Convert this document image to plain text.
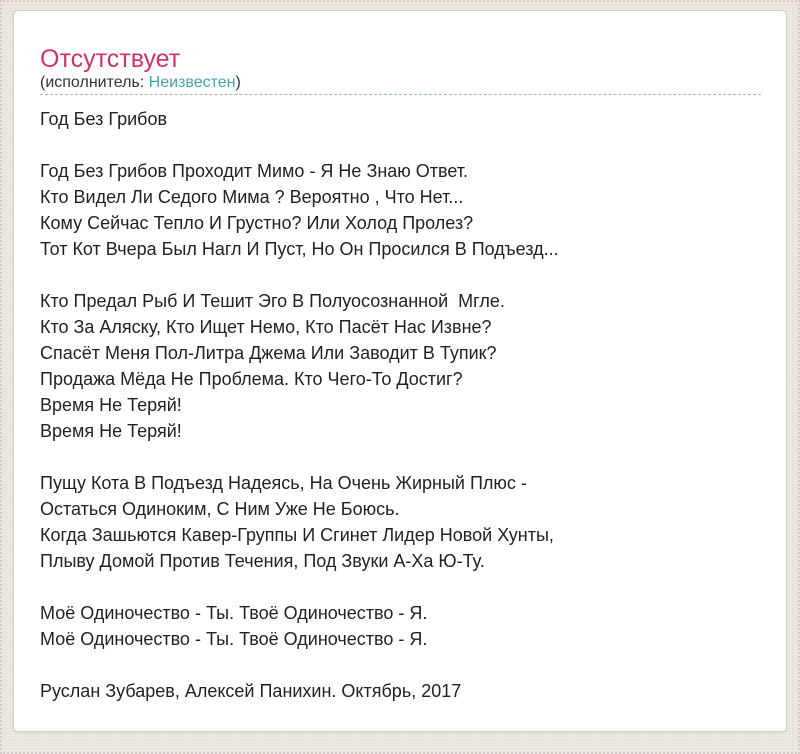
Отсутствует
(исполнитель: Неизвестен)
Год Без Грибов

Год Без Грибов Проходит Мимо - Я Не Знаю Ответ.
Кто Видел Ли Седого Мима ? Вероятно , Что Нет...
Кому Сейчас Тепло И Грустно? Или Холод Пролез?
Тот Кот Вчера Был Нагл И Пуст, Но Он Просился В Подъезд...

Кто Предал Рыб И Тешит Эго В Полуосознанной  Мгле.
Кто За Аляску, Кто Ищет Немо, Кто Пасёт Нас Извне?
Спасёт Меня Пол-Литра Джема Или Заводит В Тупик?
Продажа Мёда Не Проблема. Кто Чего-То Достиг?
Время Не Теряй!
Время Не Теряй!

Пущу Кота В Подъезд Надеясь, На Очень Жирный Плюс -
Остаться Одиноким, С Ним Уже Не Боюсь.
Когда Зашьются Кавер-Группы И Сгинет Лидер Новой Хунты,
Плыву Домой Против Течения, Под Звуки А-Ха Ю-Ту.

Моё Одиночество - Ты. Твоё Одиночество - Я.
Моё Одиночество - Ты. Твоё Одиночество - Я.

Руслан Зубарев, Алексей Панихин. Октябрь, 2017
